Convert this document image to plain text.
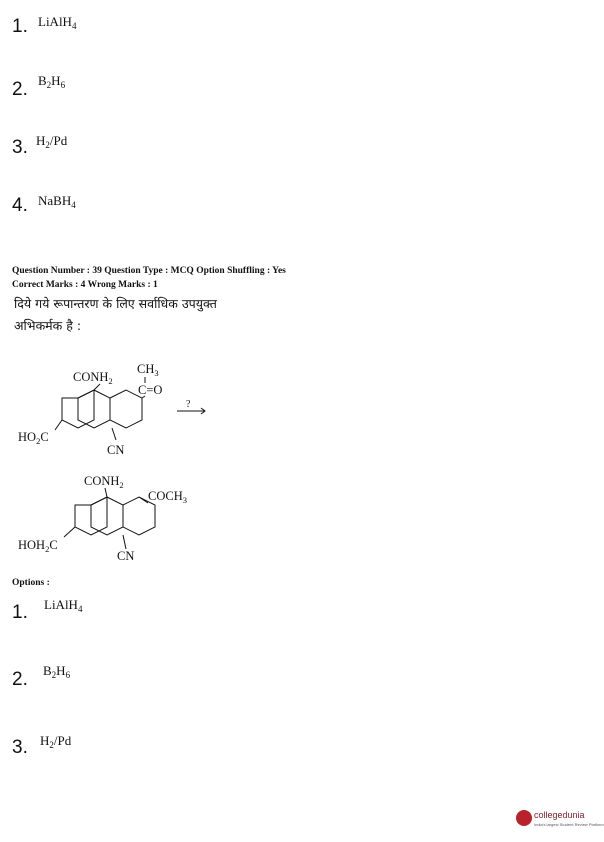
1. LiAlH$_4$
2. $B_2H_6$
3. $H_2/Pd$
4. NaBH$_4$
Question Number : 39 Question Type : MCQ Option Shuffling : Yes
Correct Marks : 4 Wrong Marks : 1
दिये गये रूपान्तरण के लिए सर्वाधिक उपयुक्त
अभिकर्मक है :
$CONH_2$
$CH_3$
C=O
$HO_2C$
CN
?
$CONH_2$
$COCH_3$
$HOH_2C$
CN
Options :
1. LiAlH$_4$
2. $B_2H_6$
3. $H_2/Pd$
collegedunia
India's largest Student Review Platform
